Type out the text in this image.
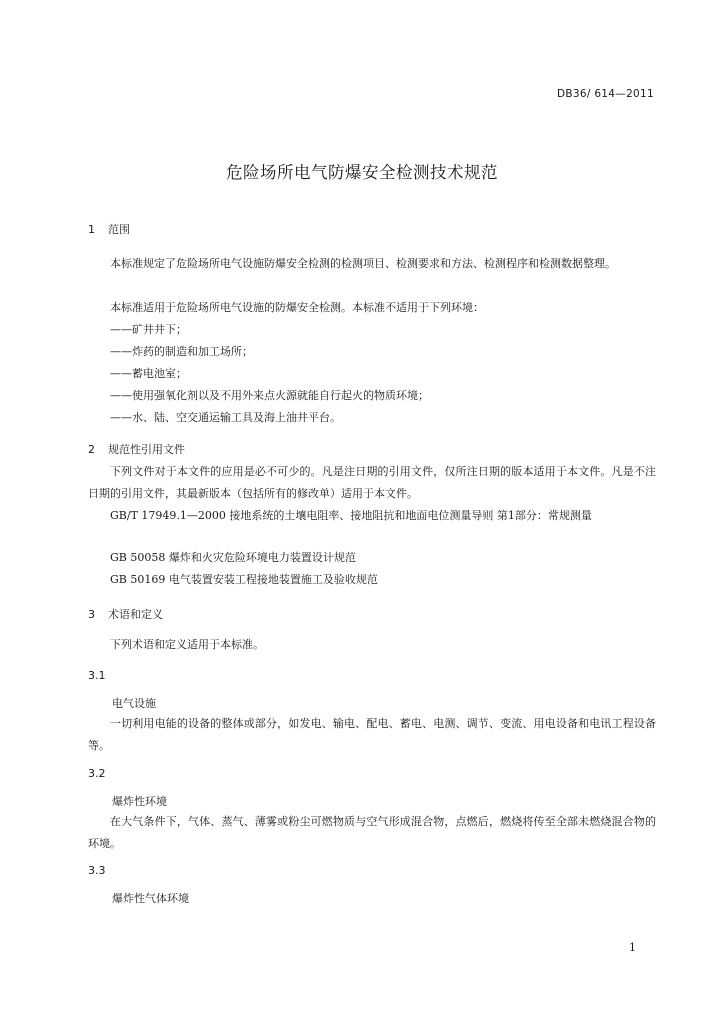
DB36/ 614—2011
危险场所电气防爆安全检测技术规范
1 范围
本标准规定了危险场所电气设施防爆安全检测的检测项目、检测要求和方法、检测程序和检测数据整理。
本标准适用于危险场所电气设施的防爆安全检测。本标准不适用于下列环境：
——矿井井下；
——炸药的制造和加工场所；
——蓄电池室；
——使用强氧化剂以及不用外来点火源就能自行起火的物质环境；
——水、陆、空交通运输工具及海上油井平台。
2 规范性引用文件
下列文件对于本文件的应用是必不可少的。凡是注日期的引用文件，仅所注日期的版本适用于本文件。凡是不注日期的引用文件，其最新版本（包括所有的修改单）适用于本文件。
GB/T 17949.1—2000 接地系统的土壤电阻率、接地阻抗和地面电位测量导则 第1部分：常规测量
GB 50058 爆炸和火灾危险环境电力装置设计规范
GB 50169 电气装置安装工程接地装置施工及验收规范
3 术语和定义
下列术语和定义适用于本标准。
3.1
电气设施
一切利用电能的设备的整体或部分，如发电、输电、配电、蓄电、电测、调节、变流、用电设备和电讯工程设备等。
3.2
爆炸性环境
在大气条件下，气体、蒸气、薄雾或粉尘可燃物质与空气形成混合物，点燃后，燃烧将传至全部未燃烧混合物的环境。
3.3
爆炸性气体环境
1
